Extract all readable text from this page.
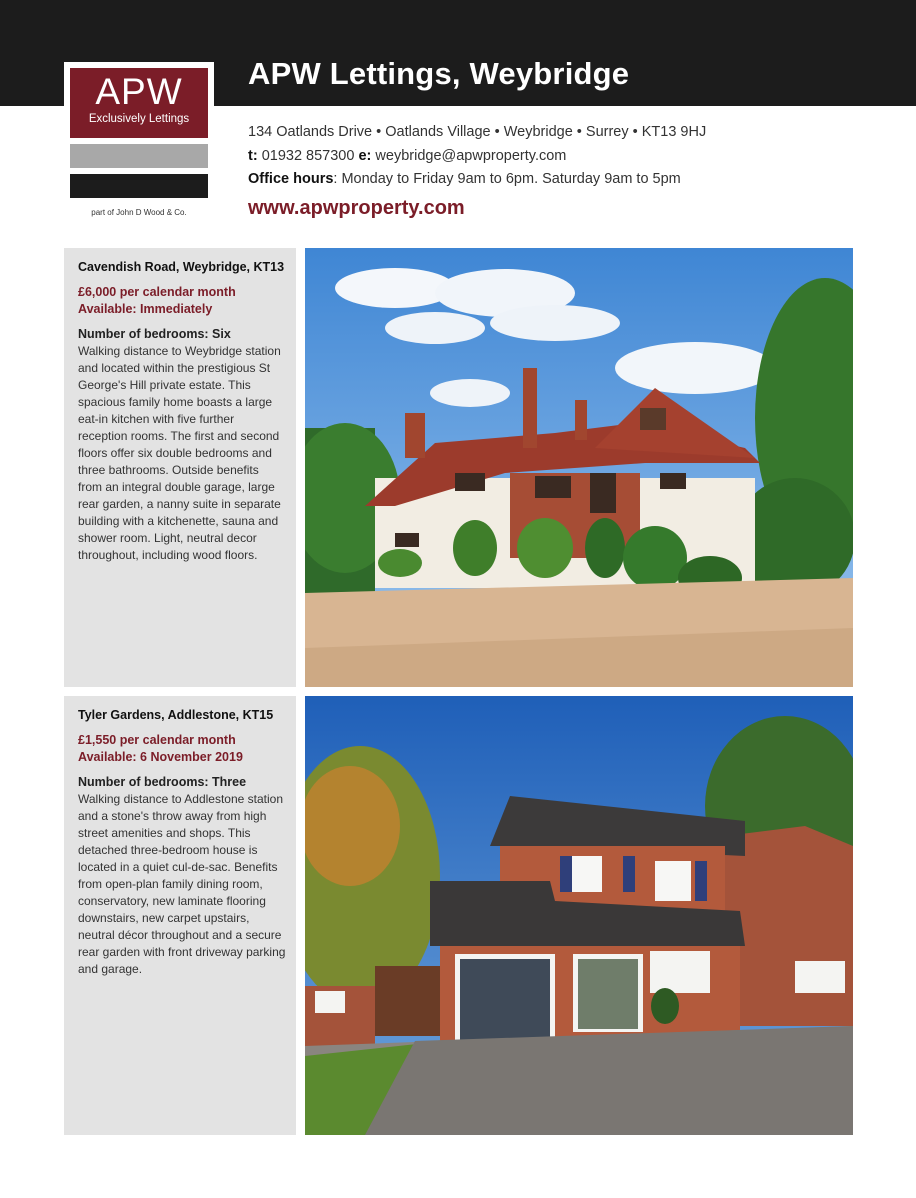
APW
Exclusively Lettings
part of John D Wood & Co.
APW Lettings, Weybridge
134 Oatlands Drive • Oatlands Village • Weybridge • Surrey • KT13 9HJ
t: 01932 857300 e: weybridge@apwproperty.com
Office hours: Monday to Friday 9am to 6pm. Saturday 9am to 5pm
www.apwproperty.com
Cavendish Road, Weybridge, KT13
£6,000 per calendar month
Available: Immediately
Number of bedrooms: Six

Walking distance to Weybridge station and located within the prestigious St George's Hill private estate. This spacious family home boasts a large eat-in kitchen with five further reception rooms. The first and second floors offer six double bedrooms and three bathrooms. Outside benefits from an integral double garage, large rear garden, a nanny suite in separate building with a kitchenette, sauna and shower room. Light, neutral decor throughout, including wood floors.

Tyler Gardens, Addlestone, KT15
£1,550 per calendar month
Available: 6 November 2019
Number of bedrooms: Three

Walking distance to Addlestone station and a stone's throw away from high street amenities and shops. This detached three-bedroom house is located in a quiet cul-de-sac. Benefits from open-plan family dining room, conservatory, new laminate flooring downstairs, new carpet upstairs, neutral décor throughout and a secure rear garden with front driveway parking and garage.
